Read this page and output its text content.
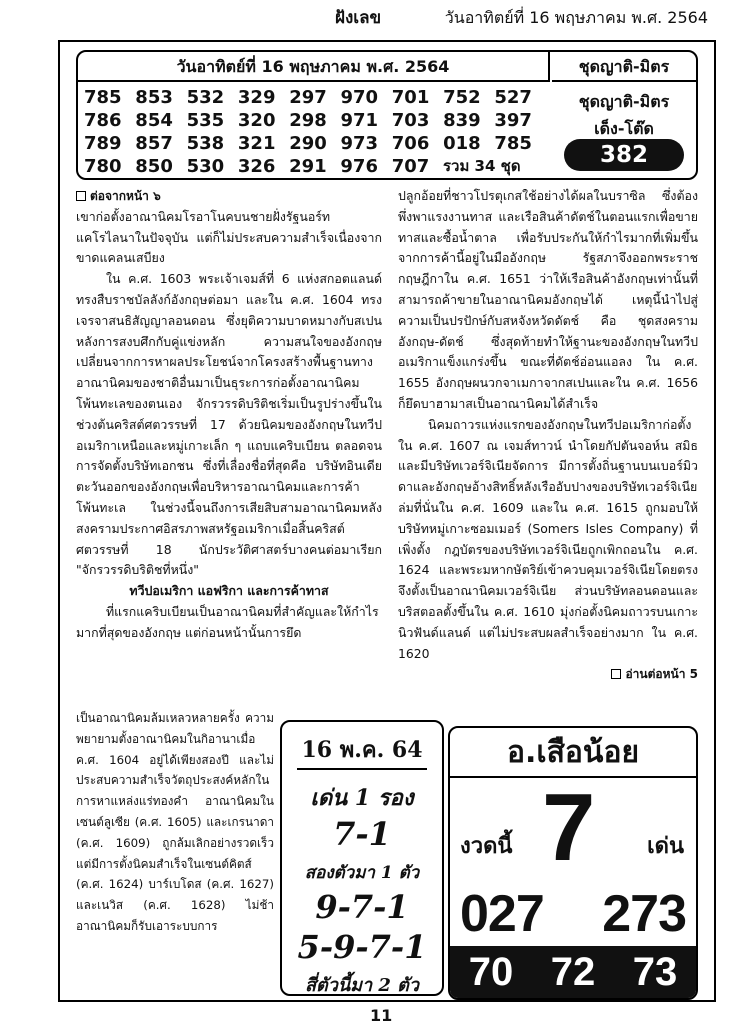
ฝังเลข	วันอาทิตย์ที่ 16 พฤษภาคม พ.ศ. 2564
วันอาทิตย์ที่ 16 พฤษภาคม พ.ศ. 2564
785 853 532 329 297 970 701 752 527
786 854 535 320 298 971 703 839 397
789 857 538 321 290 973 706 018 785
780 850 530 326 291 976 707 รวม 34 ชุด
ชุดญาติ-มิตร
ชุดญาติ-มิตร
เด็ง-โต๊ด
382

ต่อจากหน้า ๖

เขาก่อตั้งอาณานิคมโรอาโนคบนชายฝั่งรัฐนอร์ทแคโรไลนาในปัจจุบัน แต่ก็ไม่ประสบความสำเร็จเนื่องจากขาดแคลนเสบียง

ใน ค.ศ. 1603 พระเจ้าเจมส์ที่ 6 แห่งสกอตแลนด์ทรงสืบราชบัลลังก์อังกฤษต่อมา และใน ค.ศ. 1604 ทรงเจรจาสนธิสัญญาลอนดอน ซึ่งยุติความบาดหมางกับสเปน หลังการสงบศึกกับคู่แข่งหลัก ความสนใจของอังกฤษเปลี่ยนจากการหาผลประโยชน์จากโครงสร้างพื้นฐานทางอาณานิคมของชาติอื่นมาเป็นธุระการก่อตั้งอาณานิคมโพ้นทะเลของตนเอง จักรวรรดิบริติชเริ่มเป็นรูปร่างขึ้นในช่วงต้นคริสต์ศตวรรษที่ 17 ด้วยนิคมของอังกฤษในทวีปอเมริกาเหนือและหมู่เกาะเล็ก ๆ แถบแคริบเบียน ตลอดจนการจัดตั้งบริษัทเอกชน ซึ่งที่เลื่องชื่อที่สุดคือ บริษัทอินเดียตะวันออกของอังกฤษเพื่อบริหารอาณานิคมและการค้าโพ้นทะเล ในช่วงนี้จนถึงการเสียสิบสามอาณานิคมหลังสงครามประกาศอิสรภาพสหรัฐอเมริกาเมื่อสิ้นคริสต์ศตวรรษที่ 18 นักประวัติศาสตร์บางคนต่อมาเรียก "จักรวรรดิบริติชที่หนึ่ง"

ทวีปอเมริกา แอฟริกา และการค้าทาส

ที่แรกแคริบเบียนเป็นอาณานิคมที่สำคัญและให้กำไรมากที่สุดของอังกฤษ แต่ก่อนหน้านั้นการยึด

เป็นอาณานิคมล้มเหลวหลายครั้ง ความพยายามตั้งอาณานิคมในกิอานาเมื่อ ค.ศ. 1604 อยู่ได้เพียงสองปี และไม่ประสบความสำเร็จวัตถุประสงค์หลักในการหาแหล่งแร่ทองคำ อาณานิคมในเซนต์ลูเซีย (ค.ศ. 1605) และเกรนาดา (ค.ศ. 1609) ถูกล้มเลิกอย่างรวดเร็ว แต่มีการตั้งนิคมสำเร็จในเซนต์คิตส์ (ค.ศ. 1624) บาร์เบโดส (ค.ศ. 1627) และเนวิส (ค.ศ. 1628) ไม่ช้าอาณานิคมก็รับเอาระบบการ

ปลูกอ้อยที่ชาวโปรตุเกสใช้อย่างได้ผลในบราซิล ซึ่งต้องพึ่งพาแรงงานทาส และเรือสินค้าดัตช์ในตอนแรกเพื่อขายทาสและซื้อน้ำตาล เพื่อรับประกันให้กำไรมากที่เพิ่มขึ้นจากการค้านี้อยู่ในมืออังกฤษ รัฐสภาจึงออกพระราชกฤษฎีกาใน ค.ศ. 1651 ว่าให้เรือสินค้าอังกฤษเท่านั้นที่สามารถค้าขายในอาณานิคมอังกฤษได้ เหตุนี้นำไปสู่ความเป็นปรปักษ์กับสหจังหวัดดัตช์ คือ ชุดสงครามอังกฤษ-ดัตช์ ซึ่งสุดท้ายทำให้ฐานะของอังกฤษในทวีปอเมริกาแข็งแกร่งขึ้น ขณะที่ดัตช์อ่อนแอลง ใน ค.ศ. 1655 อังกฤษผนวกจาเมกาจากสเปนและใน ค.ศ. 1656 ก็ยึดบาฮามาสเป็นอาณานิคมได้สำเร็จ

นิคมถาวรแห่งแรกของอังกฤษในทวีปอเมริกาก่อตั้งใน ค.ศ. 1607 ณ เจมส์ทาวน์ นำโดยกัปตันจอห์น สมิธ และมีบริษัทเวอร์จิเนียจัดการ มีการตั้งถิ่นฐานบนเบอร์มิวดาและอังกฤษอ้างสิทธิ์หลังเรืออับปางของบริษัทเวอร์จิเนียล่มที่นั่นใน ค.ศ. 1609 และใน ค.ศ. 1615 ถูกมอบให้บริษัทหมู่เกาะซอมเมอร์ (Somers Isles Company) ที่เพิ่งตั้ง กฎบัตรของบริษัทเวอร์จิเนียถูกเพิกถอนใน ค.ศ. 1624 และพระมหากษัตริย์เข้าควบคุมเวอร์จิเนียโดยตรง จึงตั้งเป็นอาณานิคมเวอร์จิเนีย ส่วนบริษัทลอนดอนและบริสตอลตั้งขึ้นใน ค.ศ. 1610 มุ่งก่อตั้งนิคมถาวรบนเกาะนิวฟันด์แลนด์ แต่ไม่ประสบผลสำเร็จอย่างมาก ใน ค.ศ. 1620

อ่านต่อหน้า 5

16 พ.ค. 64
เด่น 1 รอง
7-1
สองตัวมา 1 ตัว
9-7-1
5-9-7-1
สี่ตัวนี้มา 2 ตัว
อ.เสือน้อย
งวดนี้ 7 เด่น
027 273
70 72 73
11
